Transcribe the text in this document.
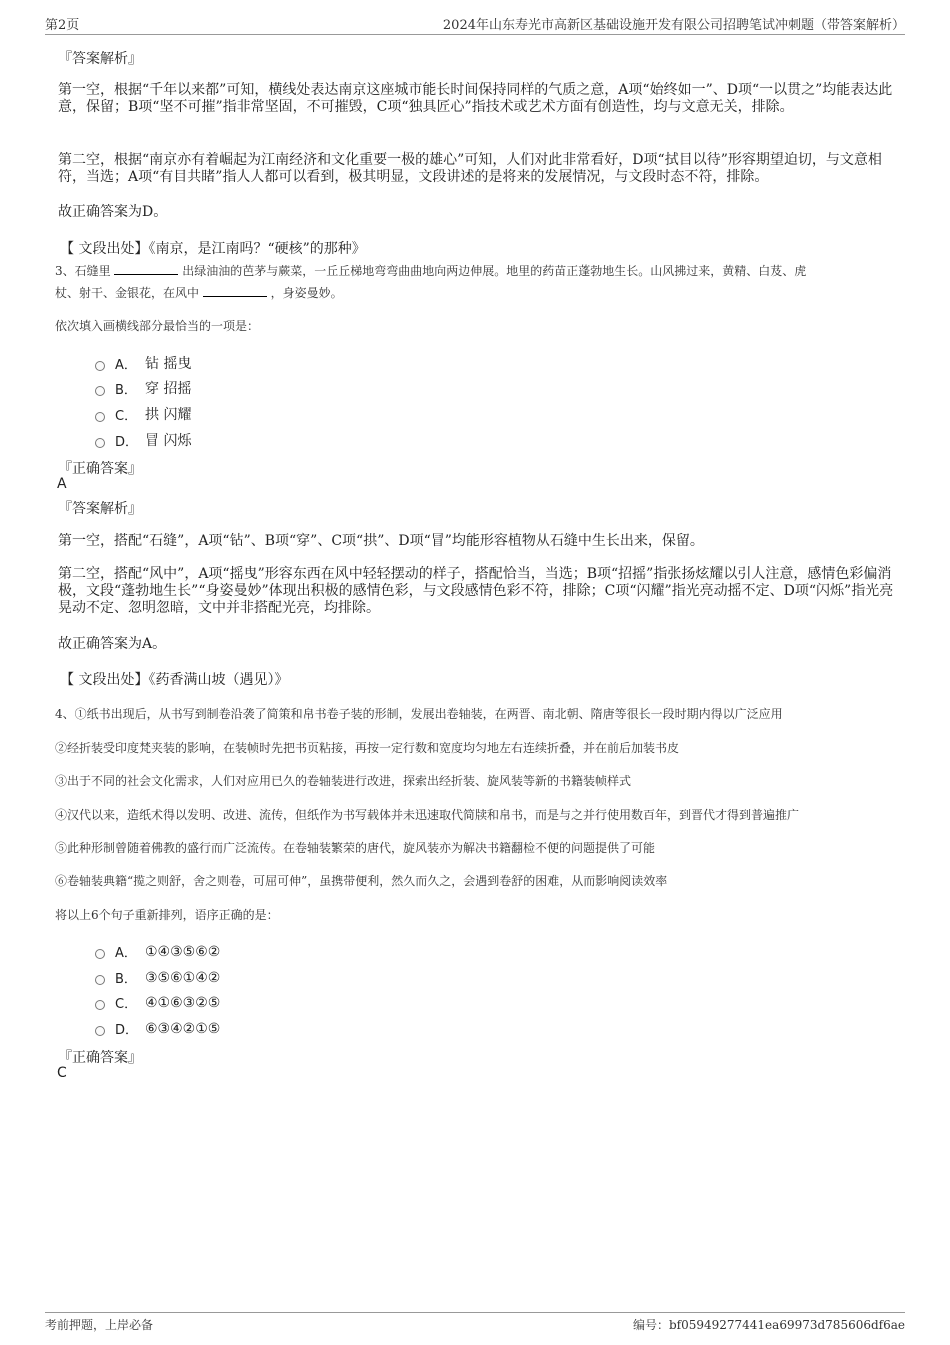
第2页	2024年山东寿光市高新区基础设施开发有限公司招聘笔试冲刺题（带答案解析）
『答案解析』
第一空，根据“千年以来都”可知，横线处表达南京这座城市能长时间保持同样的气质之意，A项“始终如一”、D项“一以贯之”均能表达此意，保留；B项“坚不可摧”指非常坚固，不可摧毁，C项“独具匠心”指技术或艺术方面有创造性，均与文意无关，排除。
第二空，根据“南京亦有着崛起为江南经济和文化重要一极的雄心”可知，人们对此非常看好，D项“拭目以待”形容期望迫切，与文意相符，当选；A项“有目共睹”指人人都可以看到，极其明显，文段讲述的是将来的发展情况，与文段时态不符，排除。
故正确答案为D。
【 文段出处】《南京，是江南吗？“硬核”的那种》
3、石缝里	出绿油油的芭茅与蕨菜，一丘丘梯地弯弯曲曲地向两边伸展。地里的药苗正蓬勃地生长。山风拂过来，黄精、白芨、虎
杖、射干、金银花，在风中	，身姿曼妙。
依次填入画横线部分最恰当的一项是：
A． 钻 摇曳
B． 穿 招摇
C． 拱 闪耀
D． 冒 闪烁
『正确答案』
A
『答案解析』
第一空，搭配“石缝”，A项“钻”、B项“穿”、C项“拱”、D项“冒”均能形容植物从石缝中生长出来，保留。
第二空，搭配“风中”，A项“摇曳”形容东西在风中轻轻摆动的样子，搭配恰当，当选；B项“招摇”指张扬炫耀以引人注意，感情色彩偏消极，文段“蓬勃地生长”“身姿曼妙”体现出积极的感情色彩，与文段感情色彩不符，排除；C项“闪耀”指光亮动摇不定、D项“闪烁”指光亮晃动不定、忽明忽暗，文中并非搭配光亮，均排除。
故正确答案为A。
【 文段出处】《药香满山坡（遇见）》
4、①纸书出现后，从书写到制卷沿袭了简策和帛书卷子装的形制，发展出卷轴装，在两晋、南北朝、隋唐等很长一段时期内得以广泛应用
②经折装受印度梵夹装的影响，在装帧时先把书页粘接，再按一定行数和宽度均匀地左右连续折叠，并在前后加装书皮
③出于不同的社会文化需求，人们对应用已久的卷轴装进行改进，探索出经折装、旋风装等新的书籍装帧样式
④汉代以来，造纸术得以发明、改进、流传，但纸作为书写载体并未迅速取代简牍和帛书，而是与之并行使用数百年，到晋代才得到普遍推广
⑤此种形制曾随着佛教的盛行而广泛流传。在卷轴装繁荣的唐代，旋风装亦为解决书籍翻检不便的问题提供了可能
⑥卷轴装典籍“揽之则舒，舍之则卷，可屈可伸”，虽携带便利，然久而久之，会遇到卷舒的困难，从而影响阅读效率
将以上6个句子重新排列，语序正确的是：
A． ①④③⑤⑥②
B． ③⑤⑥①④②
C． ④①⑥③②⑤
D． ⑥③④②①⑤
『正确答案』
C
考前押题，上岸必备	编号：bf05949277441ea69973d785606df6ae
